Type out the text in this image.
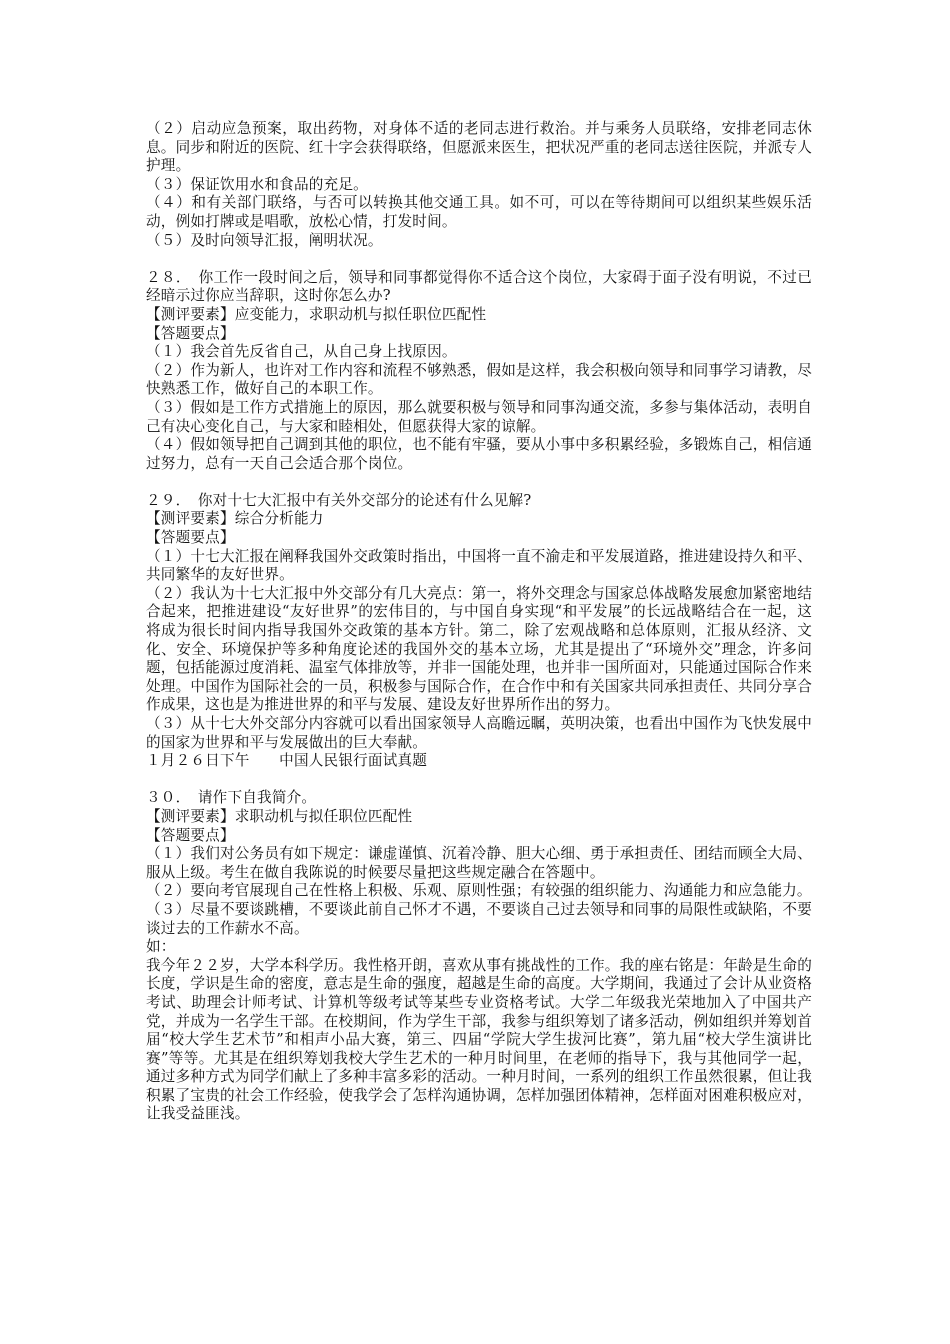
（２）启动应急预案，取出药物，对身体不适的老同志进行救治。并与乘务人员联络，安排老同志休息。同步和附近的医院、红十字会获得联络，但愿派来医生，把状况严重的老同志送往医院，并派专人护理。
（３）保证饮用水和食品的充足。
（４）和有关部门联络，与否可以转换其他交通工具。如不可，可以在等待期间可以组织某些娱乐活动，例如打牌或是唱歌，放松心情，打发时间。
（５）及时向领导汇报，阐明状况。
２８．　你工作一段时间之后，领导和同事都觉得你不适合这个岗位，大家碍于面子没有明说，不过已经暗示过你应当辞职，这时你怎么办?
【测评要素】应变能力，求职动机与拟任职位匹配性
【答题要点】
（１）我会首先反省自己，从自己身上找原因。
（２）作为新人，也许对工作内容和流程不够熟悉，假如是这样，我会积极向领导和同事学习请教，尽快熟悉工作，做好自己的本职工作。
（３）假如是工作方式措施上的原因，那么就要积极与领导和同事沟通交流，多参与集体活动，表明自己有决心变化自己，与大家和睦相处，但愿获得大家的谅解。
（４）假如领导把自己调到其他的职位，也不能有牢骚，要从小事中多积累经验，多锻炼自己，相信通过努力，总有一天自己会适合那个岗位。
２９．　你对十七大汇报中有关外交部分的论述有什么见解?
【测评要素】综合分析能力
【答题要点】
（１）十七大汇报在阐释我国外交政策时指出，中国将一直不渝走和平发展道路，推进建设持久和平、共同繁华的友好世界。
（２）我认为十七大汇报中外交部分有几大亮点：第一，将外交理念与国家总体战略发展愈加紧密地结合起来，把推进建设“友好世界”的宏伟目的，与中国自身实现“和平发展”的长远战略结合在一起，这将成为很长时间内指导我国外交政策的基本方针。第二，除了宏观战略和总体原则，汇报从经济、文化、安全、环境保护等多种角度论述的我国外交的基本立场，尤其是提出了“环境外交”理念，许多问题，包括能源过度消耗、温室气体排放等，并非一国能处理，也并非一国所面对，只能通过国际合作来处理。中国作为国际社会的一员，积极参与国际合作，在合作中和有关国家共同承担责任、共同分享合作成果，这也是为推进世界的和平与发展、建设友好世界所作出的努力。
（３）从十七大外交部分内容就可以看出国家领导人高瞻远瞩，英明决策，也看出中国作为飞快发展中的国家为世界和平与发展做出的巨大奉献。
１月２６日下午　　中国人民银行面试真题
３０．　请作下自我简介。
【测评要素】求职动机与拟任职位匹配性
【答题要点】
（１）我们对公务员有如下规定：谦虚谨慎、沉着冷静、胆大心细、勇于承担责任、团结而顾全大局、服从上级。考生在做自我陈说的时候要尽量把这些规定融合在答题中。
（２）要向考官展现自己在性格上积极、乐观、原则性强；有较强的组织能力、沟通能力和应急能力。
（３）尽量不要谈跳槽，不要谈此前自己怀才不遇，不要谈自己过去领导和同事的局限性或缺陷，不要谈过去的工作薪水不高。
如：
我今年２２岁，大学本科学历。我性格开朗，喜欢从事有挑战性的工作。我的座右铭是：年龄是生命的长度，学识是生命的密度，意志是生命的强度，超越是生命的高度。大学期间，我通过了会计从业资格考试、助理会计师考试、计算机等级考试等某些专业资格考试。大学二年级我光荣地加入了中国共产党，并成为一名学生干部。在校期间，作为学生干部，我参与组织筹划了诸多活动，例如组织并筹划首届“校大学生艺术节”和相声小品大赛，第三、四届“学院大学生拔河比赛”，第九届“校大学生演讲比赛”等等。尤其是在组织筹划我校大学生艺术的一种月时间里，在老师的指导下，我与其他同学一起，通过多种方式为同学们献上了多种丰富多彩的活动。一种月时间，一系列的组织工作虽然很累，但让我积累了宝贵的社会工作经验，使我学会了怎样沟通协调，怎样加强团体精神，怎样面对困难积极应对，让我受益匪浅。
